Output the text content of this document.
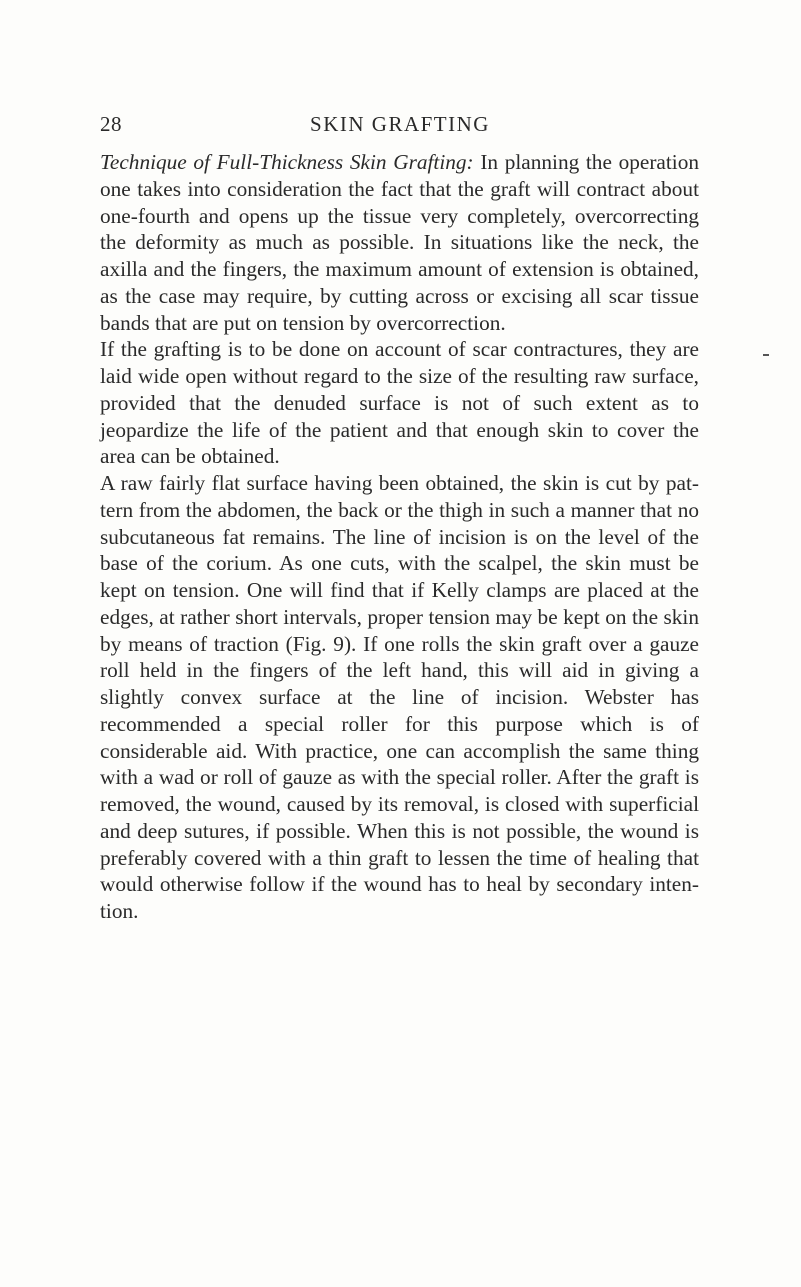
28	SKIN GRAFTING

Technique of Full-Thickness Skin Grafting: In planning the operation one takes into consideration the fact that the graft will contract about one-fourth and opens up the tissue very completely, overcorrecting the deformity as much as possible. In situations like the neck, the axilla and the fingers, the maximum amount of extension is obtained, as the case may require, by cutting across or excising all scar tissue bands that are put on tension by overcorrection.

If the grafting is to be done on account of scar contractures, they are laid wide open without regard to the size of the resulting raw surface, provided that the denuded surface is not of such extent as to jeopardize the life of the patient and that enough skin to cover the area can be obtained.

A raw fairly flat surface having been obtained, the skin is cut by pat-tern from the abdomen, the back or the thigh in such a manner that no subcutaneous fat remains. The line of incision is on the level of the base of the corium. As one cuts, with the scalpel, the skin must be kept on tension. One will find that if Kelly clamps are placed at the edges, at rather short intervals, proper tension may be kept on the skin by means of traction (Fig. 9). If one rolls the skin graft over a gauze roll held in the fingers of the left hand, this will aid in giving a slightly convex surface at the line of incision. Webster has recommended a special roller for this purpose which is of considerable aid. With practice, one can accomplish the same thing with a wad or roll of gauze as with the special roller. After the graft is removed, the wound, caused by its removal, is closed with superficial and deep sutures, if possible. When this is not possible, the wound is preferably covered with a thin graft to lessen the time of healing that would otherwise follow if the wound has to heal by secondary inten-tion.
